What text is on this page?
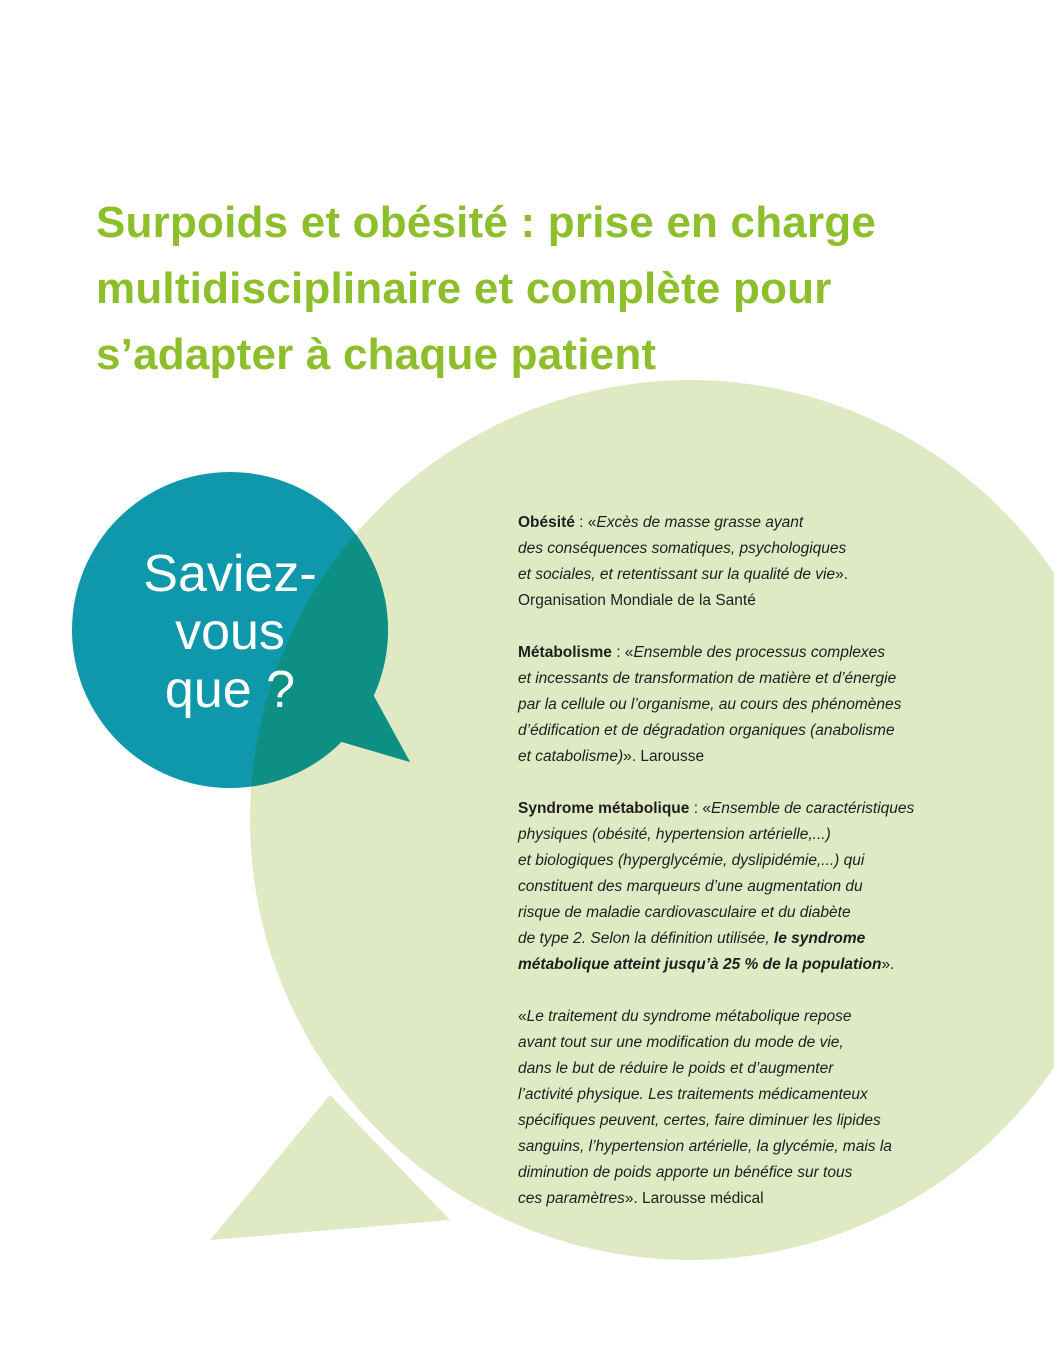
Surpoids et obésité : prise en charge
multidisciplinaire et complète pour
s’adapter à chaque patient
Saviez-
vous
que ?

Obésité : «Excès de masse grasse ayant
des conséquences somatiques, psychologiques
et sociales, et retentissant sur la qualité de vie».
Organisation Mondiale de la Santé

Métabolisme : «Ensemble des processus complexes
et incessants de transformation de matière et d’énergie
par la cellule ou l’organisme, au cours des phénomènes
d’édification et de dégradation organiques (anabolisme
et catabolisme)». Larousse

Syndrome métabolique : «Ensemble de caractéristiques
physiques (obésité, hypertension artérielle,...)
et biologiques (hyperglycémie, dyslipidémie,...) qui
constituent des marqueurs d’une augmentation du
risque de maladie cardiovasculaire et du diabète
de type 2. Selon la définition utilisée, le syndrome
métabolique atteint jusqu’à 25 % de la population».

«Le traitement du syndrome métabolique repose
avant tout sur une modification du mode de vie,
dans le but de réduire le poids et d’augmenter
l’activité physique. Les traitements médicamenteux
spécifiques peuvent, certes, faire diminuer les lipides
sanguins, l’hypertension artérielle, la glycémie, mais la
diminution de poids apporte un bénéfice sur tous
ces paramètres». Larousse médical
